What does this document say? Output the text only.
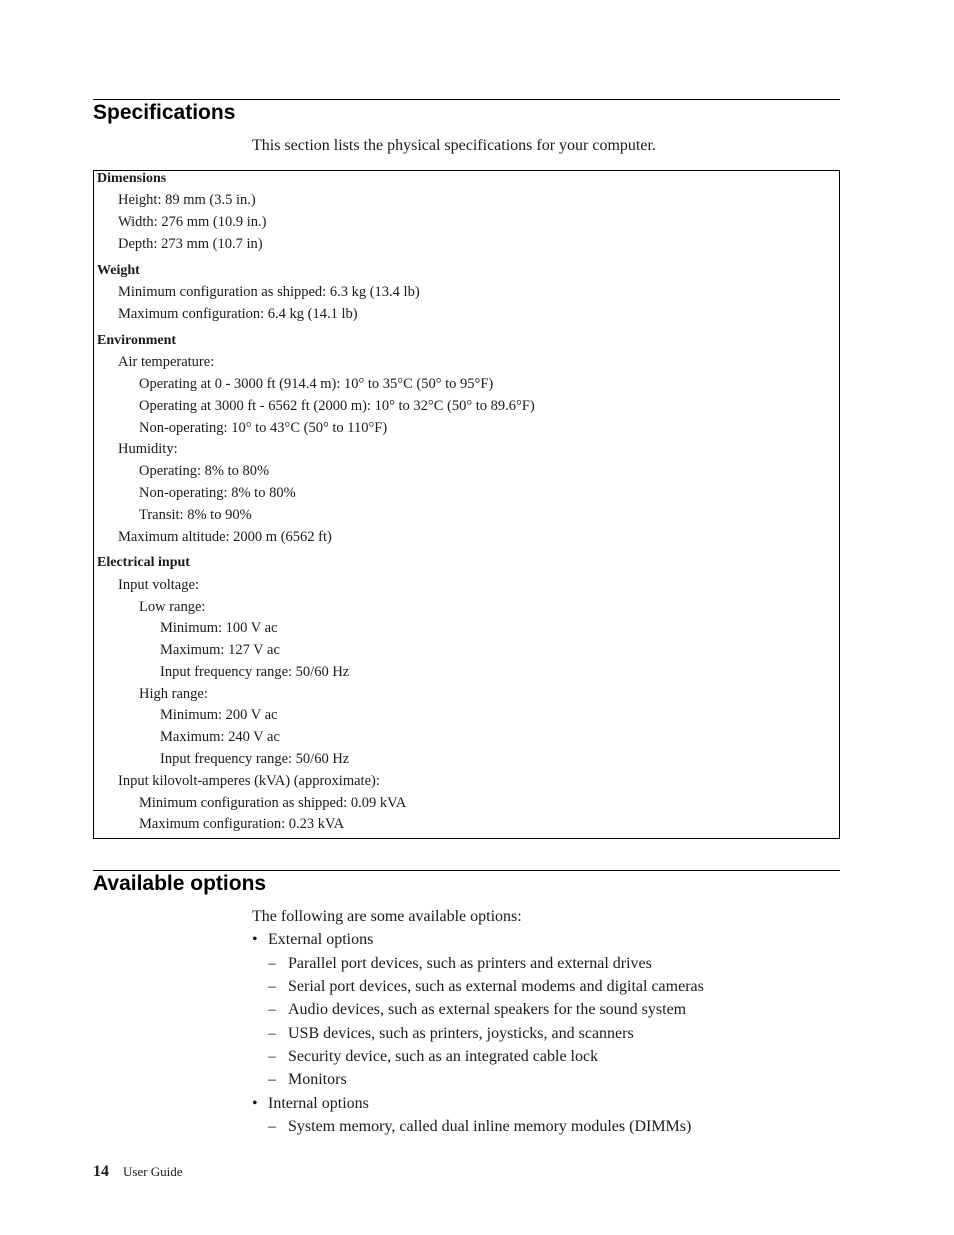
Specifications

This section lists the physical specifications for your computer.

Dimensions
Height: 89 mm (3.5 in.)
Width: 276 mm (10.9 in.)
Depth: 273 mm (10.7 in)
Weight
Minimum configuration as shipped: 6.3 kg (13.4 lb)
Maximum configuration: 6.4 kg (14.1 lb)
Environment
Air temperature:
Operating at 0 - 3000 ft (914.4 m): 10° to 35°C (50° to 95°F)
Operating at 3000 ft - 6562 ft (2000 m): 10° to 32°C (50° to 89.6°F)
Non-operating: 10° to 43°C (50° to 110°F)
Humidity:
Operating: 8% to 80%
Non-operating: 8% to 80%
Transit: 8% to 90%
Maximum altitude: 2000 m (6562 ft)
Electrical input
Input voltage:
Low range:
Minimum: 100 V ac
Maximum: 127 V ac
Input frequency range: 50/60 Hz
High range:
Minimum: 200 V ac
Maximum: 240 V ac
Input frequency range: 50/60 Hz
Input kilovolt-amperes (kVA) (approximate):
Minimum configuration as shipped: 0.09 kVA
Maximum configuration: 0.23 kVA
Available options

The following are some available options:

• External options
– Parallel port devices, such as printers and external drives
– Serial port devices, such as external modems and digital cameras
– Audio devices, such as external speakers for the sound system
– USB devices, such as printers, joysticks, and scanners
– Security device, such as an integrated cable lock
– Monitors
• Internal options
– System memory, called dual inline memory modules (DIMMs)
14 User Guide
